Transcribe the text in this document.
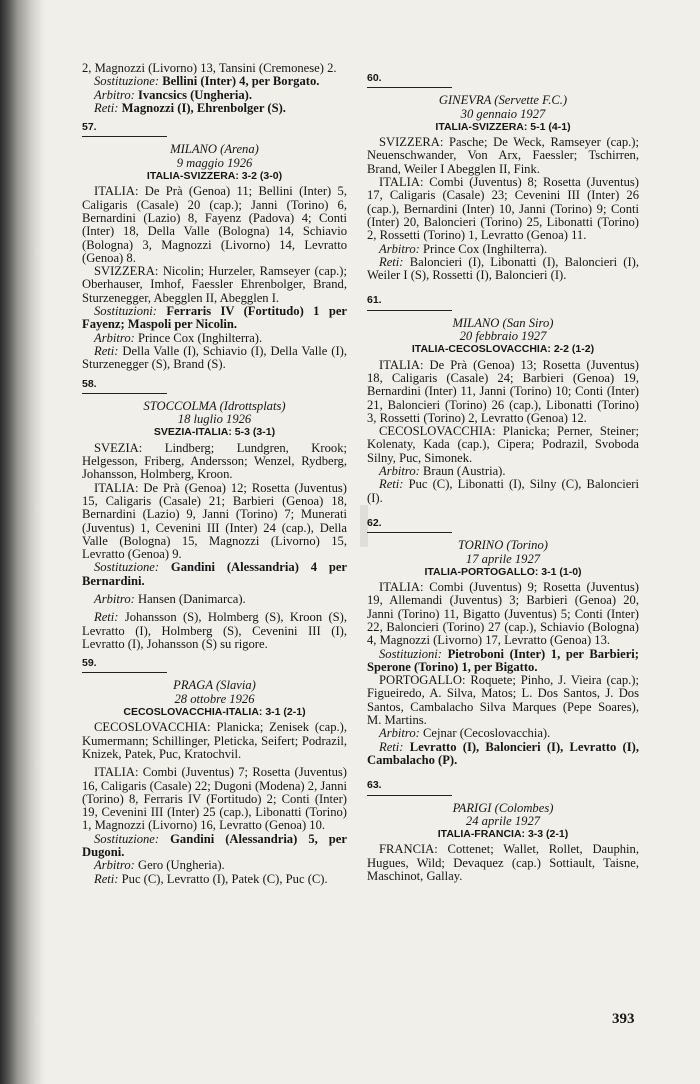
2, Magnozzi (Livorno) 13, Tansini (Cremonese) 2.

Sostituzione: Bellini (Inter) 4, per Borgato.

Arbitro: Ivancsics (Ungheria).

Reti: Magnozzi (I), Ehrenbolger (S).

57.
MILANO (Arena)
9 maggio 1926
ITALIA-SVIZZERA: 3-2 (3-0)

ITALIA: De Prà (Genoa) 11; Bellini (Inter) 5, Caligaris (Casale) 20 (cap.); Janni (Torino) 6, Bernardini (Lazio) 8, Fayenz (Padova) 4; Conti (Inter) 18, Della Valle (Bologna) 14, Schiavio (Bologna) 3, Magnozzi (Livorno) 14, Levratto (Genoa) 8.

SVIZZERA: Nicolin; Hurzeler, Ramseyer (cap.); Oberhauser, Imhof, Faessler Ehrenbolger, Brand, Sturzenegger, Abegglen II, Abegglen I.

Sostituzioni: Ferraris IV (Fortitudo) 1 per Fayenz; Maspoli per Nicolin.

Arbitro: Prince Cox (Inghilterra).

Reti: Della Valle (I), Schiavio (I), Della Valle (I), Sturzenegger (S), Brand (S).

58.
STOCCOLMA (Idrottsplats)
18 luglio 1926
SVEZIA-ITALIA: 5-3 (3-1)

SVEZIA: Lindberg; Lundgren, Krook; Helgesson, Friberg, Andersson; Wenzel, Rydberg, Johansson, Holmberg, Kroon.

ITALIA: De Prà (Genoa) 12; Rosetta (Juventus) 15, Caligaris (Casale) 21; Barbieri (Genoa) 18, Bernardini (Lazio) 9, Janni (Torino) 7; Munerati (Juventus) 1, Cevenini III (Inter) 24 (cap.), Della Valle (Bologna) 15, Magnozzi (Livorno) 15, Levratto (Genoa) 9.

Sostituzione: Gandini (Alessandria) 4 per Bernardini.

Arbitro: Hansen (Danimarca).

Reti: Johansson (S), Holmberg (S), Kroon (S), Levratto (I), Holmberg (S), Cevenini III (I), Levratto (I), Johansson (S) su rigore.

59.
PRAGA (Slavia)
28 ottobre 1926
CECOSLOVACCHIA-ITALIA: 3-1 (2-1)

CECOSLOVACCHIA: Planicka; Zenisek (cap.), Kumermann; Schillinger, Pleticka, Seifert; Podrazil, Knizek, Patek, Puc, Kratochvil.

ITALIA: Combi (Juventus) 7; Rosetta (Juventus) 16, Caligaris (Casale) 22; Dugoni (Modena) 2, Janni (Torino) 8, Ferraris IV (Fortitudo) 2; Conti (Inter) 19, Cevenini III (Inter) 25 (cap.), Libonatti (Torino) 1, Magnozzi (Livorno) 16, Levratto (Genoa) 10.

Sostituzione: Gandini (Alessandria) 5, per Dugoni.

Arbitro: Gero (Ungheria).

Reti: Puc (C), Levratto (I), Patek (C), Puc (C).

60.
GINEVRA (Servette F.C.)
30 gennaio 1927
ITALIA-SVIZZERA: 5-1 (4-1)

SVIZZERA: Pasche; De Weck, Ramseyer (cap.); Neuenschwander, Von Arx, Faessler; Tschirren, Brand, Weiler I Abegglen II, Fink.

ITALIA: Combi (Juventus) 8; Rosetta (Juventus) 17, Caligaris (Casale) 23; Cevenini III (Inter) 26 (cap.), Bernardini (Inter) 10, Janni (Torino) 9; Conti (Inter) 20, Baloncieri (Torino) 25, Libonatti (Torino) 2, Rossetti (Torino) 1, Levratto (Genoa) 11.

Arbitro: Prince Cox (Inghilterra).

Reti: Baloncieri (I), Libonatti (I), Baloncieri (I), Weiler I (S), Rossetti (I), Baloncieri (I).

61.
MILANO (San Siro)
20 febbraio 1927
ITALIA-CECOSLOVACCHIA: 2-2 (1-2)

ITALIA: De Prà (Genoa) 13; Rosetta (Juventus) 18, Caligaris (Casale) 24; Barbieri (Genoa) 19, Bernardini (Inter) 11, Janni (Torino) 10; Conti (Inter) 21, Baloncieri (Torino) 26 (cap.), Libonatti (Torino) 3, Rossetti (Torino) 2, Levratto (Genoa) 12.

CECOSLOVACCHIA: Planicka; Perner, Steiner; Kolenaty, Kada (cap.), Cipera; Podrazil, Svoboda Silny, Puc, Simonek.

Arbitro: Braun (Austria).

Reti: Puc (C), Libonatti (I), Silny (C), Baloncieri (I).

62.
TORINO (Torino)
17 aprile 1927
ITALIA-PORTOGALLO: 3-1 (1-0)

ITALIA: Combi (Juventus) 9; Rosetta (Juventus) 19, Allemandi (Juventus) 3; Barbieri (Genoa) 20, Janni (Torino) 11, Bigatto (Juventus) 5; Conti (Inter) 22, Baloncieri (Torino) 27 (cap.), Schiavio (Bologna) 4, Magnozzi (Livorno) 17, Levratto (Genoa) 13.

Sostituzioni: Pietroboni (Inter) 1, per Barbieri; Sperone (Torino) 1, per Bigatto.

PORTOGALLO: Roquete; Pinho, J. Vieira (cap.); Figueiredo, A. Silva, Matos; L. Dos Santos, J. Dos Santos, Cambalacho Silva Marques (Pepe Soares), M. Martins.

Arbitro: Cejnar (Cecoslovacchia).

Reti: Levratto (I), Baloncieri (I), Levratto (I), Cambalacho (P).

63.
PARIGI (Colombes)
24 aprile 1927
ITALIA-FRANCIA: 3-3 (2-1)

FRANCIA: Cottenet; Wallet, Rollet, Dauphin, Hugues, Wild; Devaquez (cap.) Sottiault, Taisne, Maschinot, Gallay.

393
